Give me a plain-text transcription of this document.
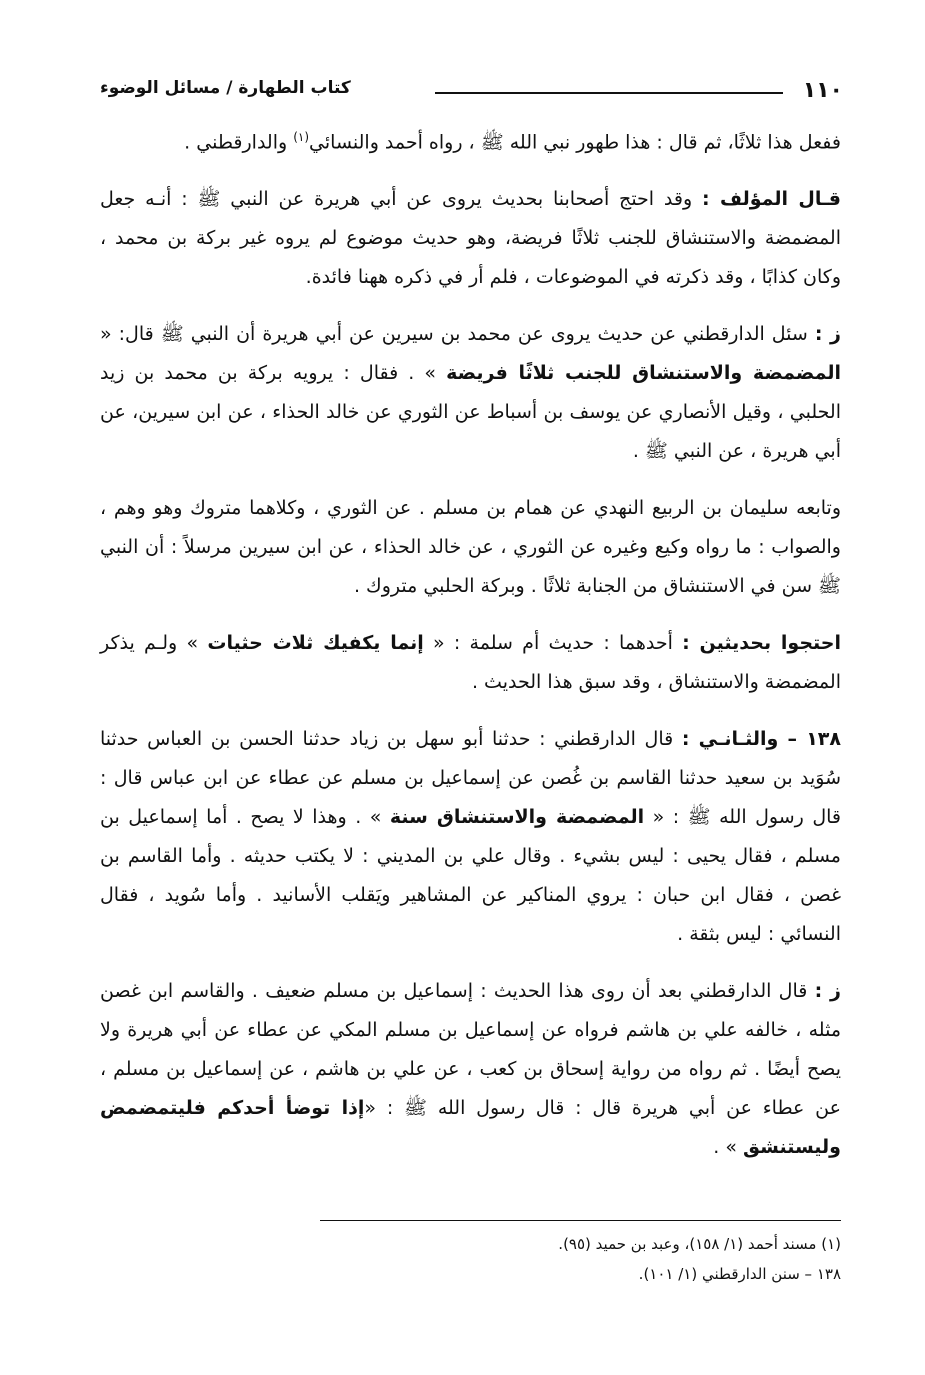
١١٠
كتاب الطهارة / مسائل الوضوء

ففعل هذا ثلاثًا، ثم قال : هذا طهور نبي الله ﷺ ، رواه أحمد والنسائي$^{(١)}$ والدارقطني .

قـال المؤلف : وقد احتج أصحابنا بحديث يروى عن أبي هريرة عن النبي ﷺ : أنـه جعل المضمضة والاستنشاق للجنب ثلاثًا فريضة، وهو حديث موضوع لم يروه غير بركة بن محمد ، وكان كذابًا ، وقد ذكرته في الموضوعات ، فلم أر في ذكره ههنا فائدة.

ز : سئل الدارقطني عن حديث يروى عن محمد بن سيرين عن أبي هريرة أن النبي ﷺ قال: « المضمضة والاستنشاق للجنب ثلاثًا فريضة » . فقال : يرويه بركة بن محمد بن زيد الحلبي ، وقيل الأنصاري عن يوسف بن أسباط عن الثوري عن خالد الحذاء ، عن ابن سيرين، عن أبي هريرة ، عن النبي ﷺ .

وتابعه سليمان بن الربيع النهدي عن همام بن مسلم . عن الثوري ، وكلاهما متروك وهو وهم ، والصواب : ما رواه وكيع وغيره عن الثوري ، عن خالد الحذاء ، عن ابن سيرين مرسلاً : أن النبي ﷺ سن في الاستنشاق من الجنابة ثلاثًا . وبركة الحلبي متروك .

احتجوا بحديثين : أحدهما : حديث أم سلمة : « إنما يكفيك ثلاث حثيات » ولـم يذكر المضمضة والاستنشاق ، وقد سبق هذا الحديث .

١٣٨ – والثـانـي : قال الدارقطني : حدثنا أبو سهل بن زياد حدثنا الحسن بن العباس حدثنا سُوَيد بن سعيد حدثنا القاسم بن غُصن عن إسماعيل بن مسلم عن عطاء عن ابن عباس قال : قال رسول الله ﷺ : « المضمضة والاستنشاق سنة » . وهذا لا يصح . أما إسماعيل بن مسلم ، فقال يحيى : ليس بشيء . وقال علي بن المديني : لا يكتب حديثه . وأما القاسم بن غصن ، فقال ابن حبان : يروي المناكير عن المشاهير ويَقلب الأسانيد . وأما سُويد ، فقال النسائي : ليس بثقة .

ز : قال الدارقطني بعد أن روى هذا الحديث : إسماعيل بن مسلم ضعيف . والقاسم ابن غصن مثله ، خالفه علي بن هاشم فرواه عن إسماعيل بن مسلم المكي عن عطاء عن أبي هريرة ولا يصح أيضًا . ثم رواه من رواية إسحاق بن كعب ، عن علي بن هاشم ، عن إسماعيل بن مسلم ، عن عطاء عن أبي هريرة قال : قال رسول الله ﷺ : «إذا توضأ أحدكم فليتمضمض وليستنشق » .

(١) مسند أحمد (١/ ١٥٨)، وعبد بن حميد (٩٥).

١٣٨ – سنن الدارقطني (١/ ١٠١).
